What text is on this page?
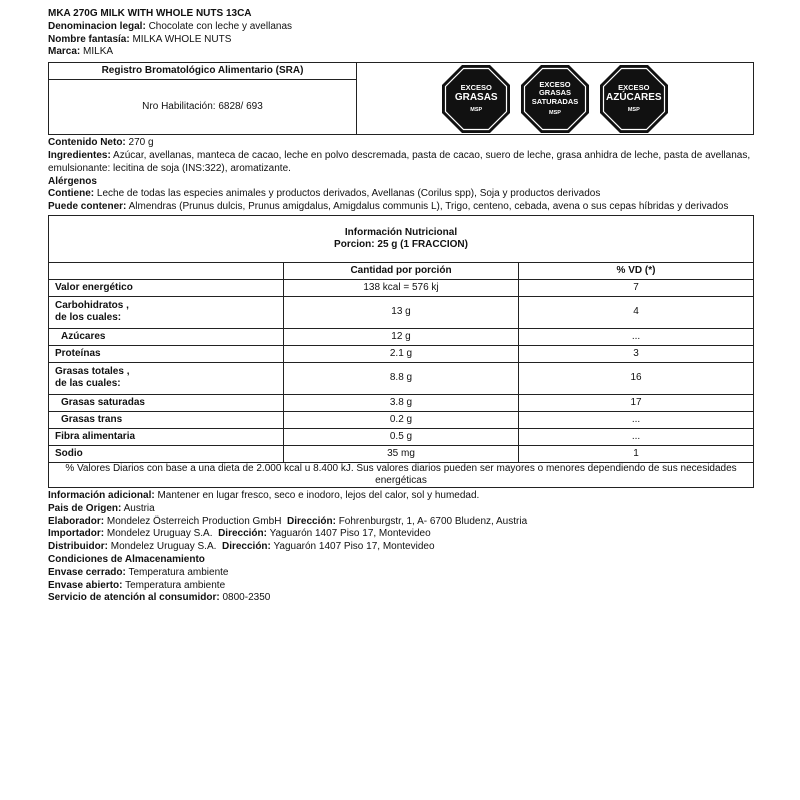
MKA 270G MILK WITH WHOLE NUTS 13CA
Denominacion legal: Chocolate con leche y avellanas
Nombre fantasía: MILKA WHOLE NUTS
Marca: MILKA
Registro Bromatológico Alimentario (SRA)	
EXCESO
GRASAS
MSP

EXCESO
GRASAS
SATURADAS
MSP

EXCESO
AZÚCARES
MSP

Nro Habilitación: 6828/ 693
Contenido Neto: 270 g
Ingredientes: Azúcar, avellanas, manteca de cacao, leche en polvo descremada, pasta de cacao, suero de leche, grasa anhidra de leche, pasta de avellanas, emulsionante: lecitina de soja (INS:322), aromatizante.
Alérgenos
Contiene: Leche de todas las especies animales y productos derivados, Avellanas (Corilus spp), Soja y productos derivados
Puede contener: Almendras (Prunus dulcis, Prunus amigdalus, Amigdalus communis L), Trigo, centeno, cebada, avena o sus cepas híbridas y derivados
Información Nutricional
Porcion: 25 g (1 FRACCION)		

	Cantidad por porción	% VD (*)
Valor energético	138 kcal = 576 kj	7

Carbohidratos ,
de los cuales:	13 g	4
Azúcares	12 g	...
Proteínas	2.1 g	3

Grasas totales ,
de las cuales:	8.8 g	16
Grasas saturadas	3.8 g	17
Grasas trans	0.2 g	...
Fibra alimentaria	0.5 g	...
Sodio	35 mg	1
% Valores Diarios con base a una dieta de 2.000 kcal u 8.400 kJ. Sus valores diarios pueden ser mayores o menores dependiendo de sus necesidades energéticas		
Información adicional: Mantener en lugar fresco, seco e inodoro, lejos del calor, sol y humedad.
Pais de Origen: Austria
Elaborador: Mondelez Österreich Production GmbH Dirección: Fohrenburgstr, 1, A- 6700 Bludenz, Austria
Importador: Mondelez Uruguay S.A. Dirección: Yaguarón 1407 Piso 17, Montevideo
Distribuidor: Mondelez Uruguay S.A. Dirección: Yaguarón 1407 Piso 17, Montevideo
Condiciones de Almacenamiento
Envase cerrado: Temperatura ambiente
Envase abierto: Temperatura ambiente
Servicio de atención al consumidor: 0800-2350
